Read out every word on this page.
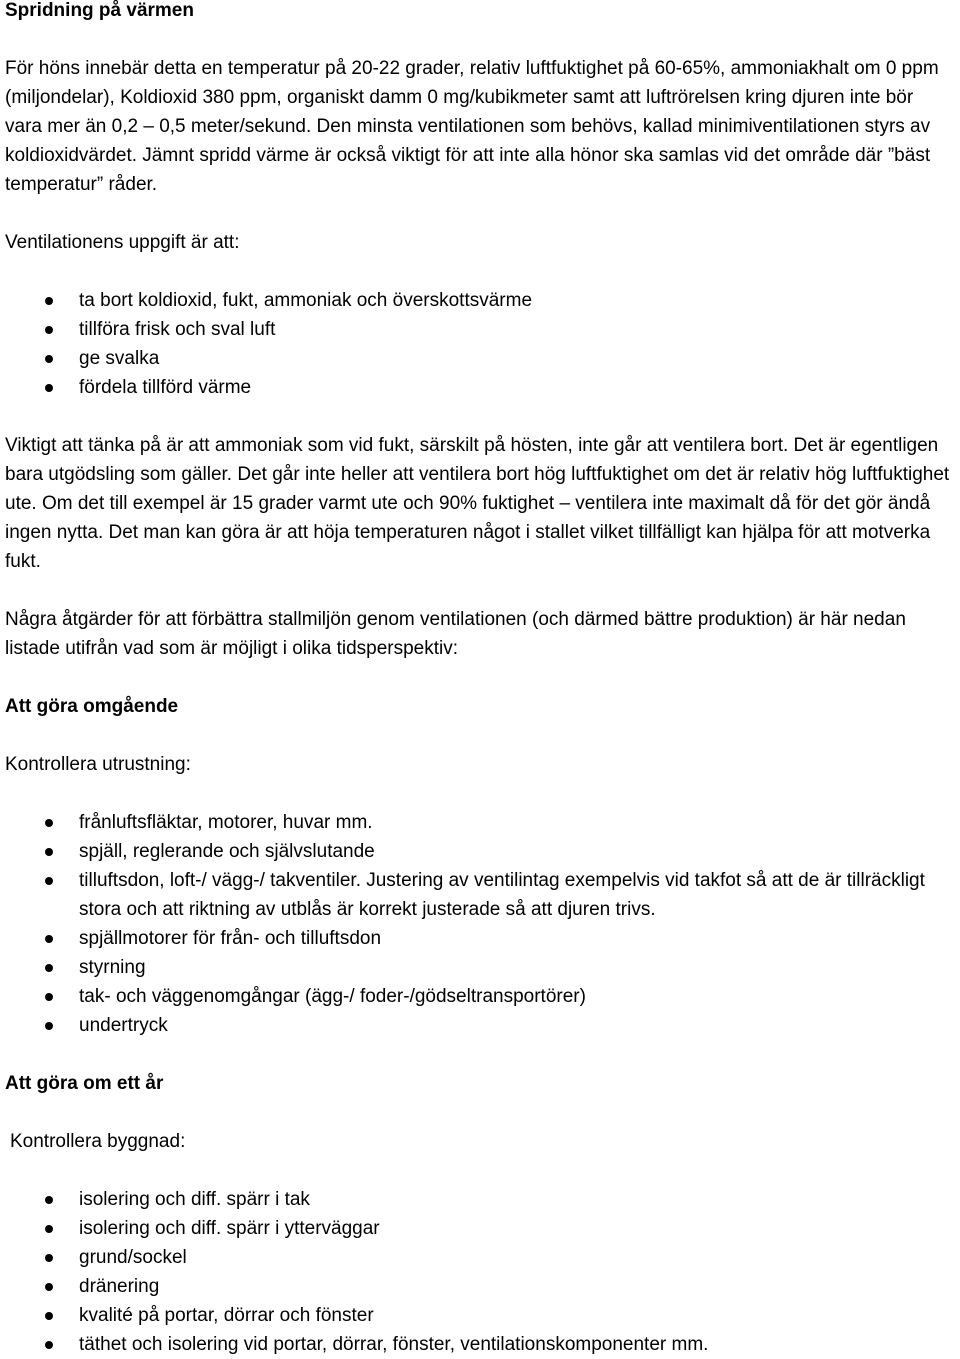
Spridning på värmen

För höns innebär detta en temperatur på 20-22 grader, relativ luftfuktighet på 60-65%, ammoniakhalt om 0 ppm (miljondelar), Koldioxid 380 ppm, organiskt damm 0 mg/kubikmeter samt att luftrörelsen kring djuren inte bör vara mer än 0,2 – 0,5 meter/sekund. Den minsta ventilationen som behövs, kallad minimiventilationen styrs av koldioxidvärdet. Jämnt spridd värme är också viktigt för att inte alla hönor ska samlas vid det område där ”bäst temperatur” råder.

Ventilationens uppgift är att:

ta bort koldioxid, fukt, ammoniak och överskottsvärme
tillföra frisk och sval luft
ge svalka
fördela tillförd värme

Viktigt att tänka på är att ammoniak som vid fukt, särskilt på hösten, inte går att ventilera bort. Det är egentligen bara utgödsling som gäller. Det går inte heller att ventilera bort hög luftfuktighet om det är relativ hög luftfuktighet ute. Om det till exempel är 15 grader varmt ute och 90% fuktighet – ventilera inte maximalt då för det gör ändå ingen nytta. Det man kan göra är att höja temperaturen något i stallet vilket tillfälligt kan hjälpa för att motverka fukt.

Några åtgärder för att förbättra stallmiljön genom ventilationen (och därmed bättre produktion) är här nedan listade utifrån vad som är möjligt i olika tidsperspektiv:

Att göra omgående

Kontrollera utrustning:

frånluftsfläktar, motorer, huvar mm.
spjäll, reglerande och självslutande
tilluftsdon, loft-/ vägg-/ takventiler. Justering av ventilintag exempelvis vid takfot så att de är tillräckligt stora och att riktning av utblås är korrekt justerade så att djuren trivs.
spjällmotorer för från- och tilluftsdon
styrning
tak- och väggenomgångar (ägg-/ foder-/gödseltransportörer)
undertryck

Att göra om ett år

Kontrollera byggnad:

isolering och diff. spärr i tak
isolering och diff. spärr i ytterväggar
grund/sockel
dränering
kvalité på portar, dörrar och fönster
täthet och isolering vid portar, dörrar, fönster, ventilationskomponenter mm.
